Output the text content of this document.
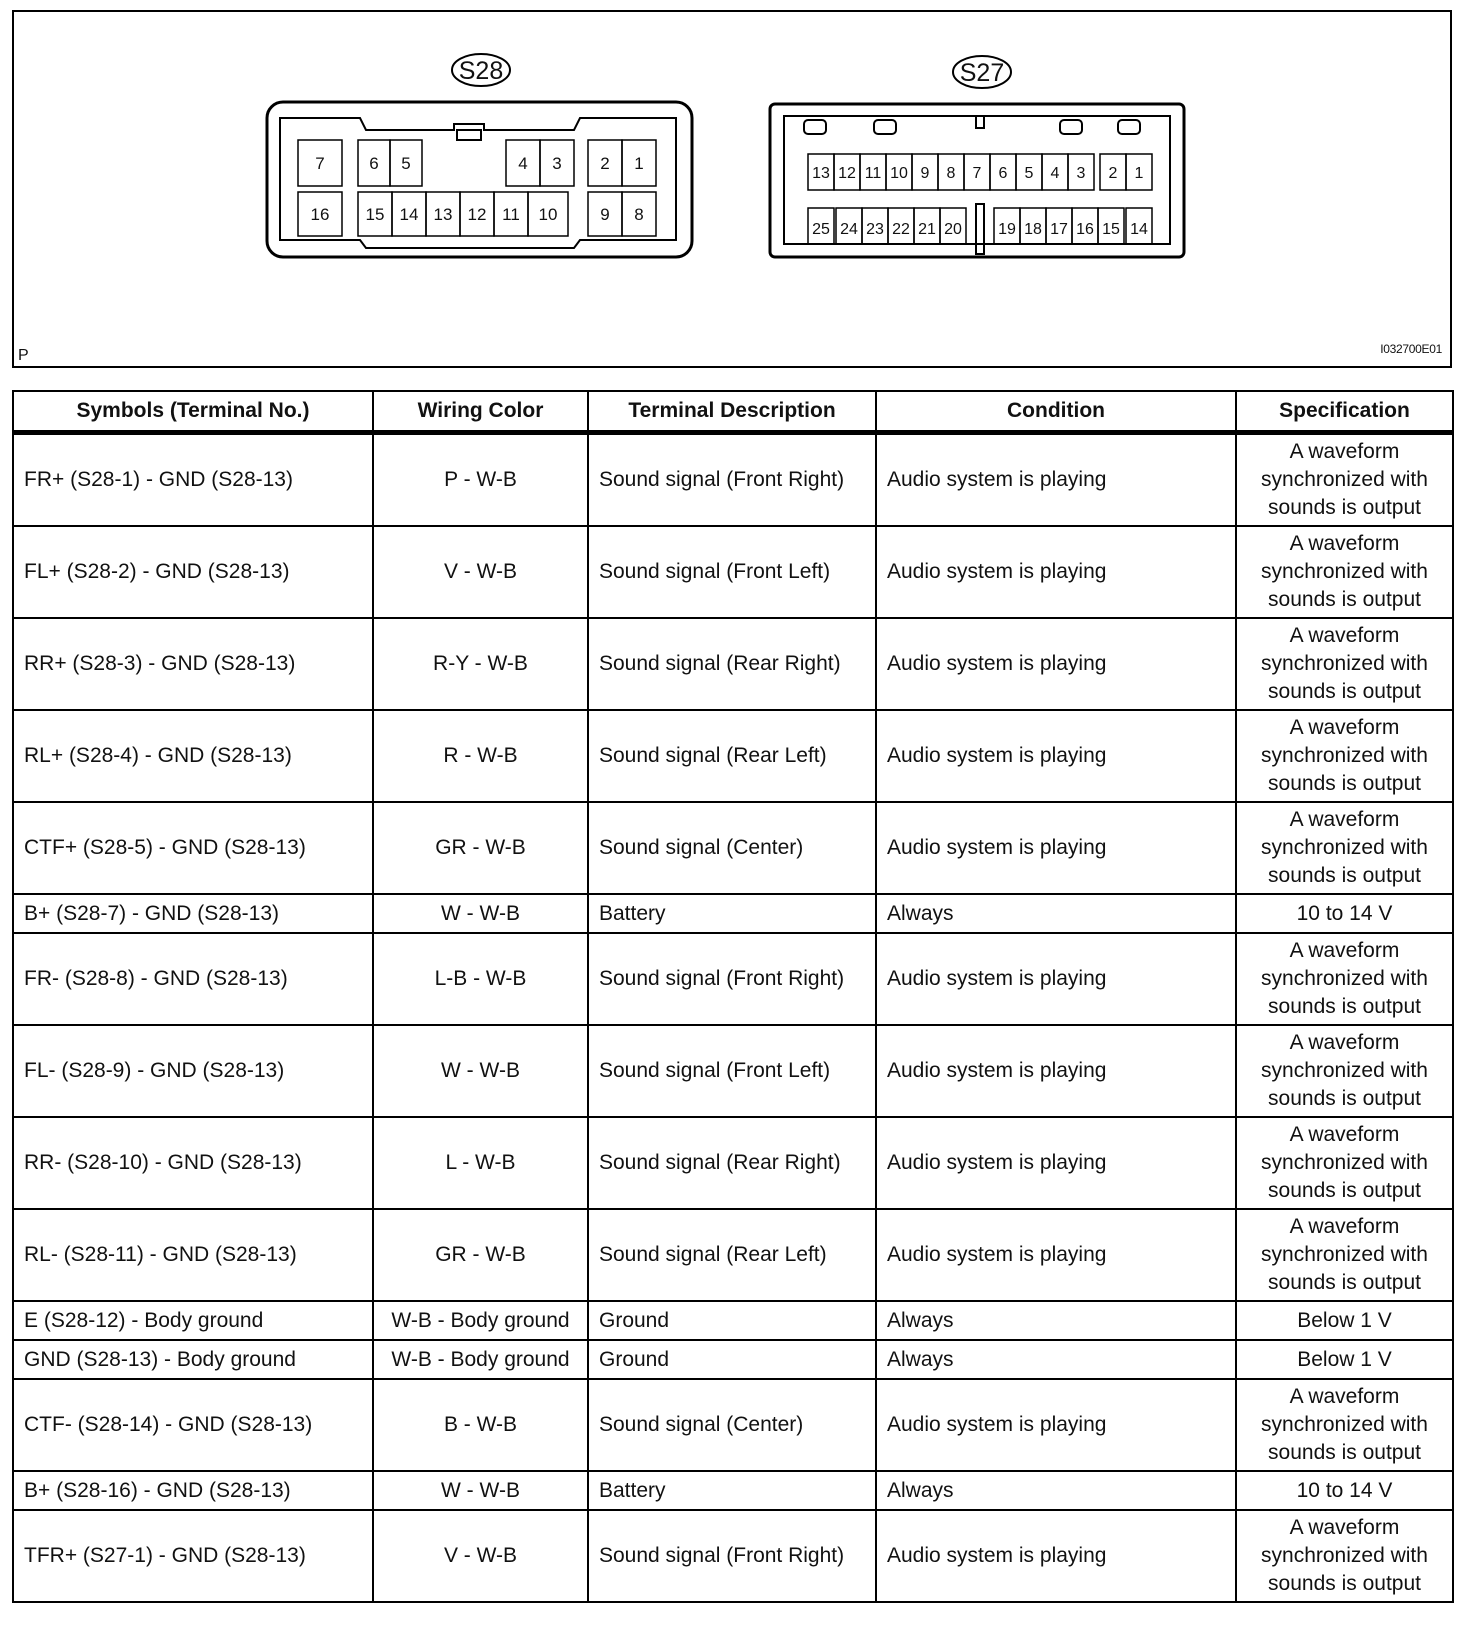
S28
7	6 5	4 3 2 1
16 15 14 13 12 11 10	9 8
S27
13 12 11 10 9 8 7 6 5 4 3 2 1
25 24 23 22 21 20 19 18 17 16 15 14
P	I032700E01
Symbols (Terminal No.)	Wiring Color	Terminal Description	Condition	Specification
FR+ (S28-1) - GND (S28-13)	P - W-B	Sound signal (Front Right)	Audio system is playing	A waveform
synchronized with
sounds is output

FL+ (S28-2) - GND (S28-13)	V - W-B	Sound signal (Front Left)	Audio system is playing	A waveform
synchronized with
sounds is output

RR+ (S28-3) - GND (S28-13)	R-Y - W-B	Sound signal (Rear Right)	Audio system is playing	A waveform
synchronized with
sounds is output

RL+ (S28-4) - GND (S28-13)	R - W-B	Sound signal (Rear Left)	Audio system is playing	A waveform
synchronized with
sounds is output

CTF+ (S28-5) - GND (S28-13)	GR - W-B	Sound signal (Center)	Audio system is playing	A waveform
synchronized with
sounds is output

B+ (S28-7) - GND (S28-13)	W - W-B	Battery	Always	10 to 14 V

FR- (S28-8) - GND (S28-13)	L-B - W-B	Sound signal (Front Right)	Audio system is playing	A waveform
synchronized with
sounds is output

FL- (S28-9) - GND (S28-13)	W - W-B	Sound signal (Front Left)	Audio system is playing	A waveform
synchronized with
sounds is output

RR- (S28-10) - GND (S28-13)	L - W-B	Sound signal (Rear Right)	Audio system is playing	A waveform
synchronized with
sounds is output

RL- (S28-11) - GND (S28-13)	GR - W-B	Sound signal (Rear Left)	Audio system is playing	A waveform
synchronized with
sounds is output

E (S28-12) - Body ground	W-B - Body ground	Ground	Always	Below 1 V

GND (S28-13) - Body ground	W-B - Body ground	Ground	Always	Below 1 V

CTF- (S28-14) - GND (S28-13)	B - W-B	Sound signal (Center)	Audio system is playing	A waveform
synchronized with
sounds is output

B+ (S28-16) - GND (S28-13)	W - W-B	Battery	Always	10 to 14 V

TFR+ (S27-1) - GND (S28-13)	V - W-B	Sound signal (Front Right)	Audio system is playing	A waveform
synchronized with
sounds is output
